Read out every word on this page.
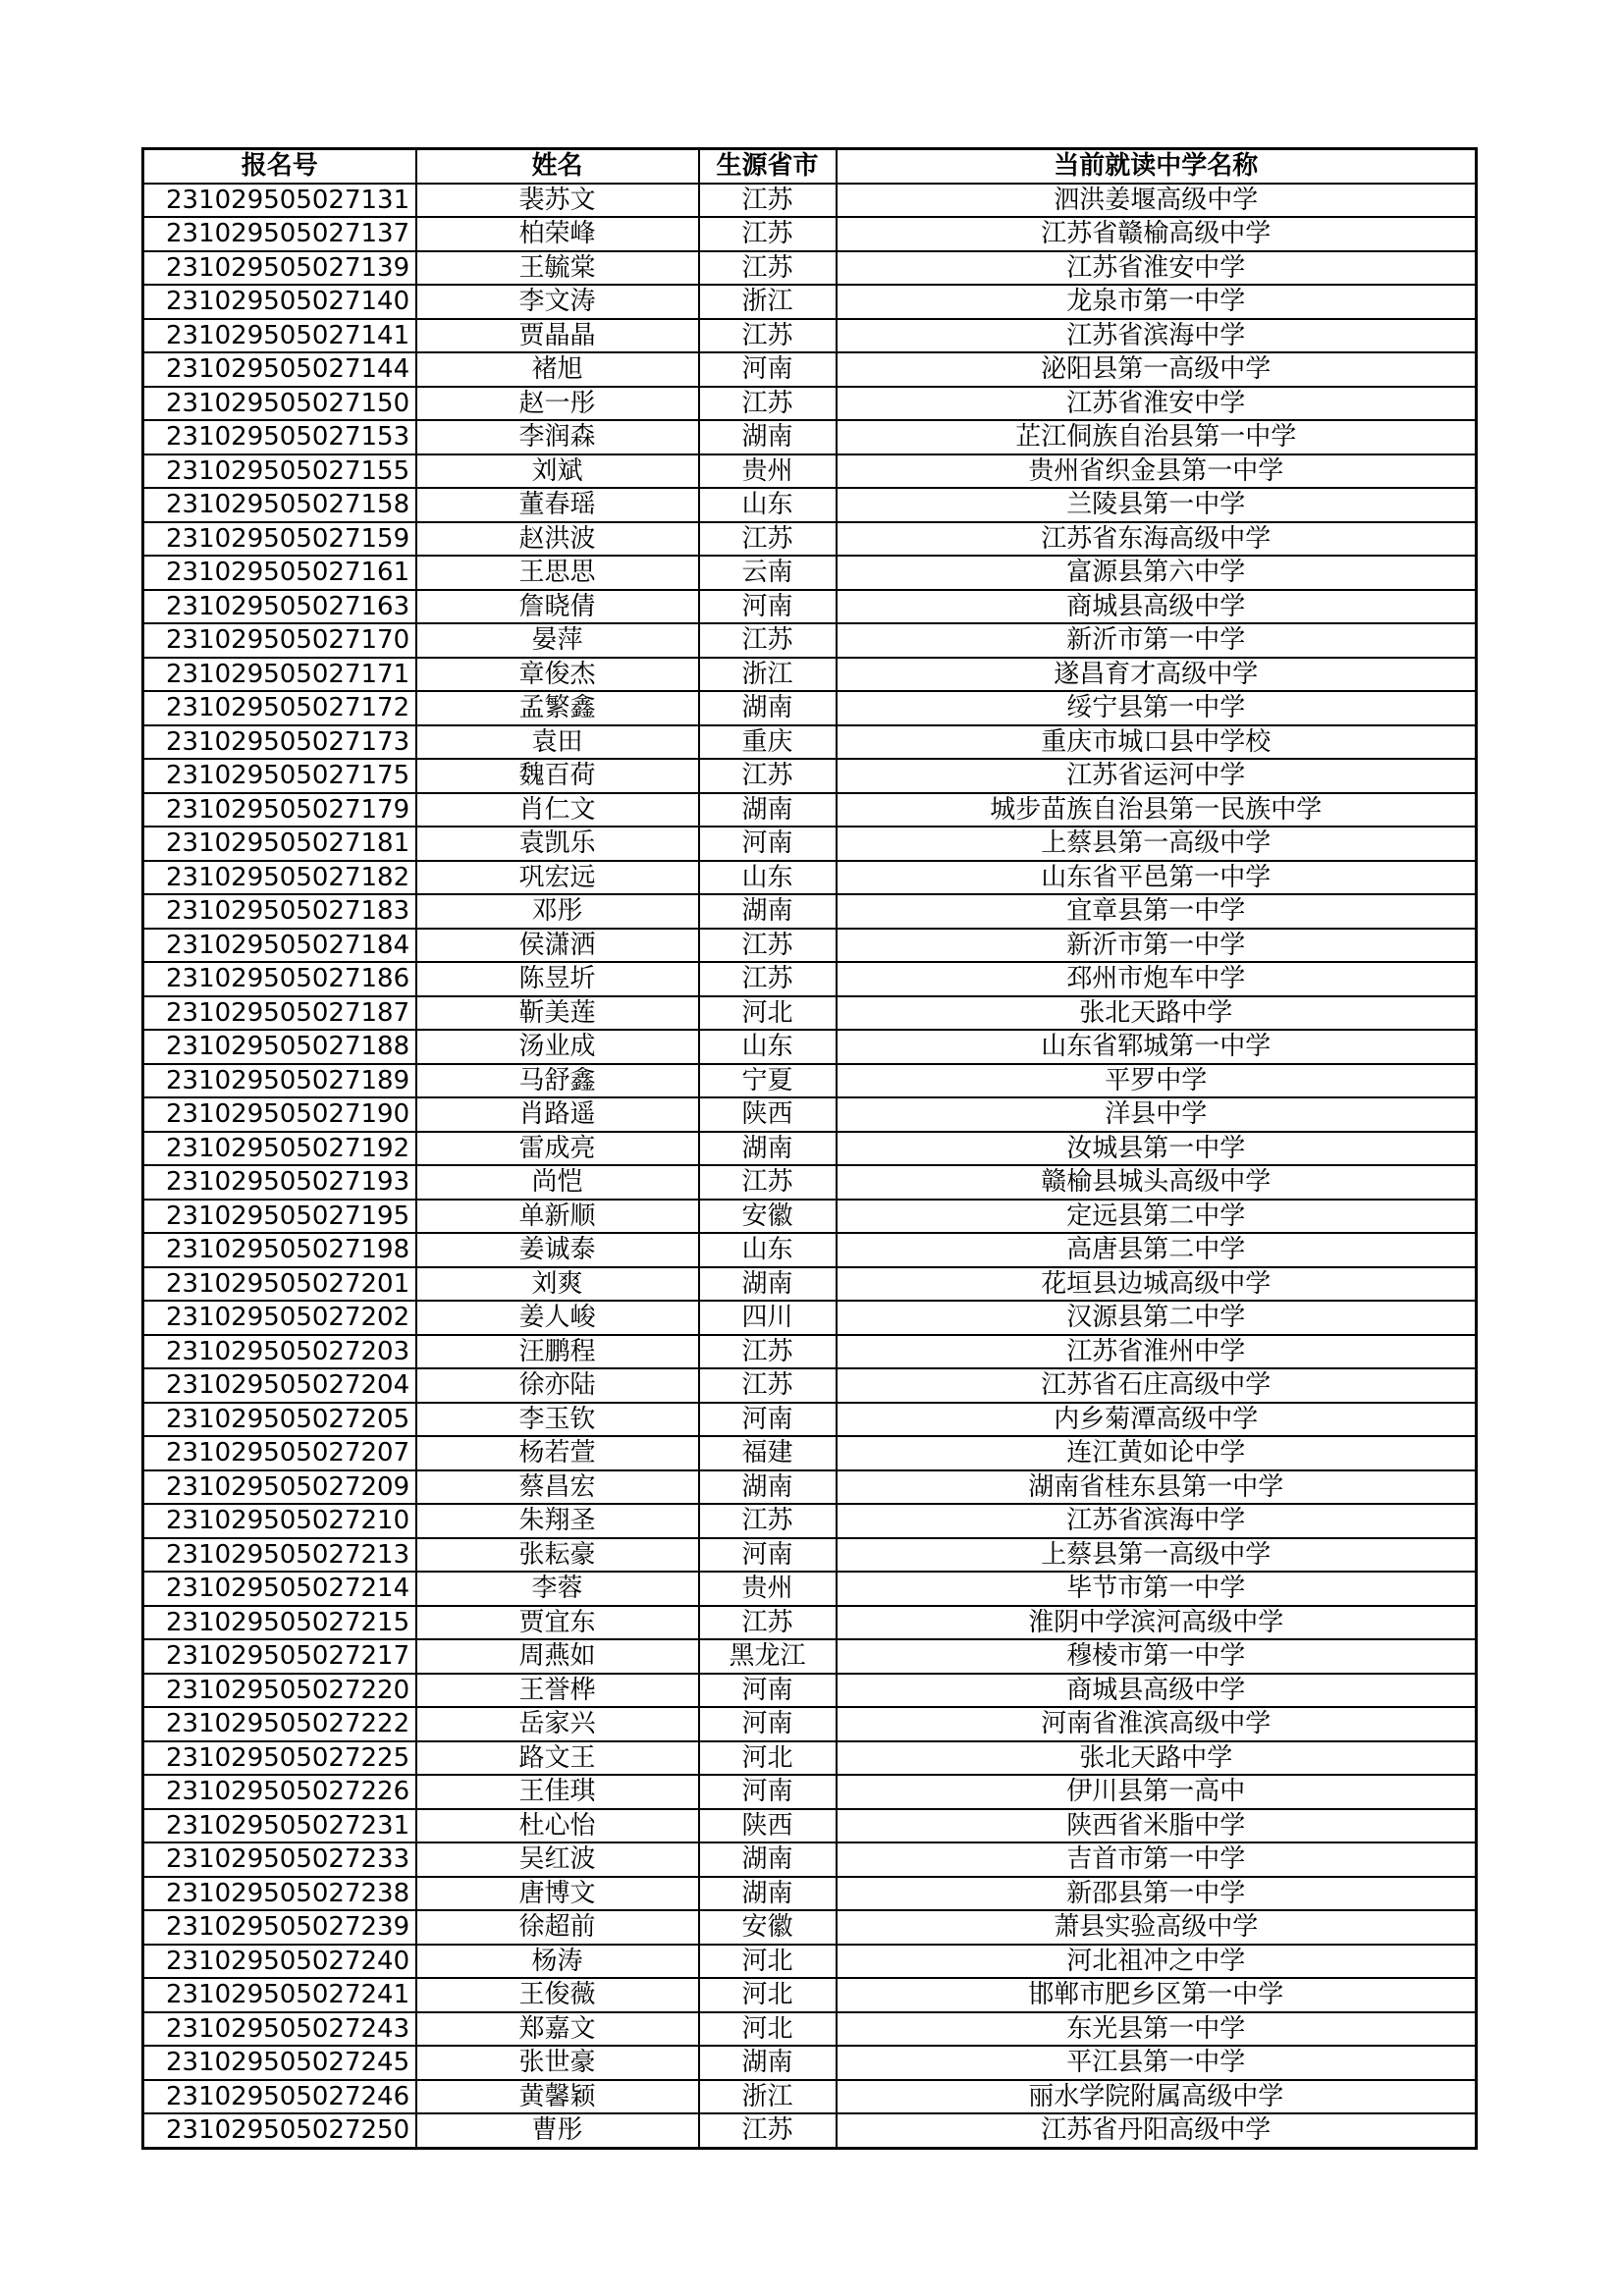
报名号	姓名	生源省市	当前就读中学名称
231029505027131	裴苏文	江苏	泗洪姜堰高级中学
231029505027137	柏荣峰	江苏	江苏省赣榆高级中学
231029505027139	王毓棠	江苏	江苏省淮安中学
231029505027140	李文涛	浙江	龙泉市第一中学
231029505027141	贾晶晶	江苏	江苏省滨海中学
231029505027144	褚旭	河南	泌阳县第一高级中学
231029505027150	赵一彤	江苏	江苏省淮安中学
231029505027153	李润森	湖南	芷江侗族自治县第一中学
231029505027155	刘斌	贵州	贵州省织金县第一中学
231029505027158	董春瑶	山东	兰陵县第一中学
231029505027159	赵洪波	江苏	江苏省东海高级中学
231029505027161	王思思	云南	富源县第六中学
231029505027163	詹晓倩	河南	商城县高级中学
231029505027170	晏萍	江苏	新沂市第一中学
231029505027171	章俊杰	浙江	遂昌育才高级中学
231029505027172	孟繁鑫	湖南	绥宁县第一中学
231029505027173	袁田	重庆	重庆市城口县中学校
231029505027175	魏百荷	江苏	江苏省运河中学
231029505027179	肖仁文	湖南	城步苗族自治县第一民族中学
231029505027181	袁凯乐	河南	上蔡县第一高级中学
231029505027182	巩宏远	山东	山东省平邑第一中学
231029505027183	邓彤	湖南	宜章县第一中学
231029505027184	侯潇洒	江苏	新沂市第一中学
231029505027186	陈昱圻	江苏	邳州市炮车中学
231029505027187	靳美莲	河北	张北天路中学
231029505027188	汤业成	山东	山东省郓城第一中学
231029505027189	马舒鑫	宁夏	平罗中学
231029505027190	肖路遥	陕西	洋县中学
231029505027192	雷成亮	湖南	汝城县第一中学
231029505027193	尚恺	江苏	赣榆县城头高级中学
231029505027195	单新顺	安徽	定远县第二中学
231029505027198	姜诚泰	山东	高唐县第二中学
231029505027201	刘爽	湖南	花垣县边城高级中学
231029505027202	姜人峻	四川	汉源县第二中学
231029505027203	汪鹏程	江苏	江苏省淮州中学
231029505027204	徐亦陆	江苏	江苏省石庄高级中学
231029505027205	李玉钦	河南	内乡菊潭高级中学
231029505027207	杨若萱	福建	连江黄如论中学
231029505027209	蔡昌宏	湖南	湖南省桂东县第一中学
231029505027210	朱翔圣	江苏	江苏省滨海中学
231029505027213	张耘豪	河南	上蔡县第一高级中学
231029505027214	李蓉	贵州	毕节市第一中学
231029505027215	贾宜东	江苏	淮阴中学滨河高级中学
231029505027217	周燕如	黑龙江	穆棱市第一中学
231029505027220	王誉桦	河南	商城县高级中学
231029505027222	岳家兴	河南	河南省淮滨高级中学
231029505027225	路文王	河北	张北天路中学
231029505027226	王佳琪	河南	伊川县第一高中
231029505027231	杜心怡	陕西	陕西省米脂中学
231029505027233	吴红波	湖南	吉首市第一中学
231029505027238	唐博文	湖南	新邵县第一中学
231029505027239	徐超前	安徽	萧县实验高级中学
231029505027240	杨涛	河北	河北祖冲之中学
231029505027241	王俊薇	河北	邯郸市肥乡区第一中学
231029505027243	郑嘉文	河北	东光县第一中学
231029505027245	张世豪	湖南	平江县第一中学
231029505027246	黄馨颖	浙江	丽水学院附属高级中学
231029505027250	曹彤	江苏	江苏省丹阳高级中学
